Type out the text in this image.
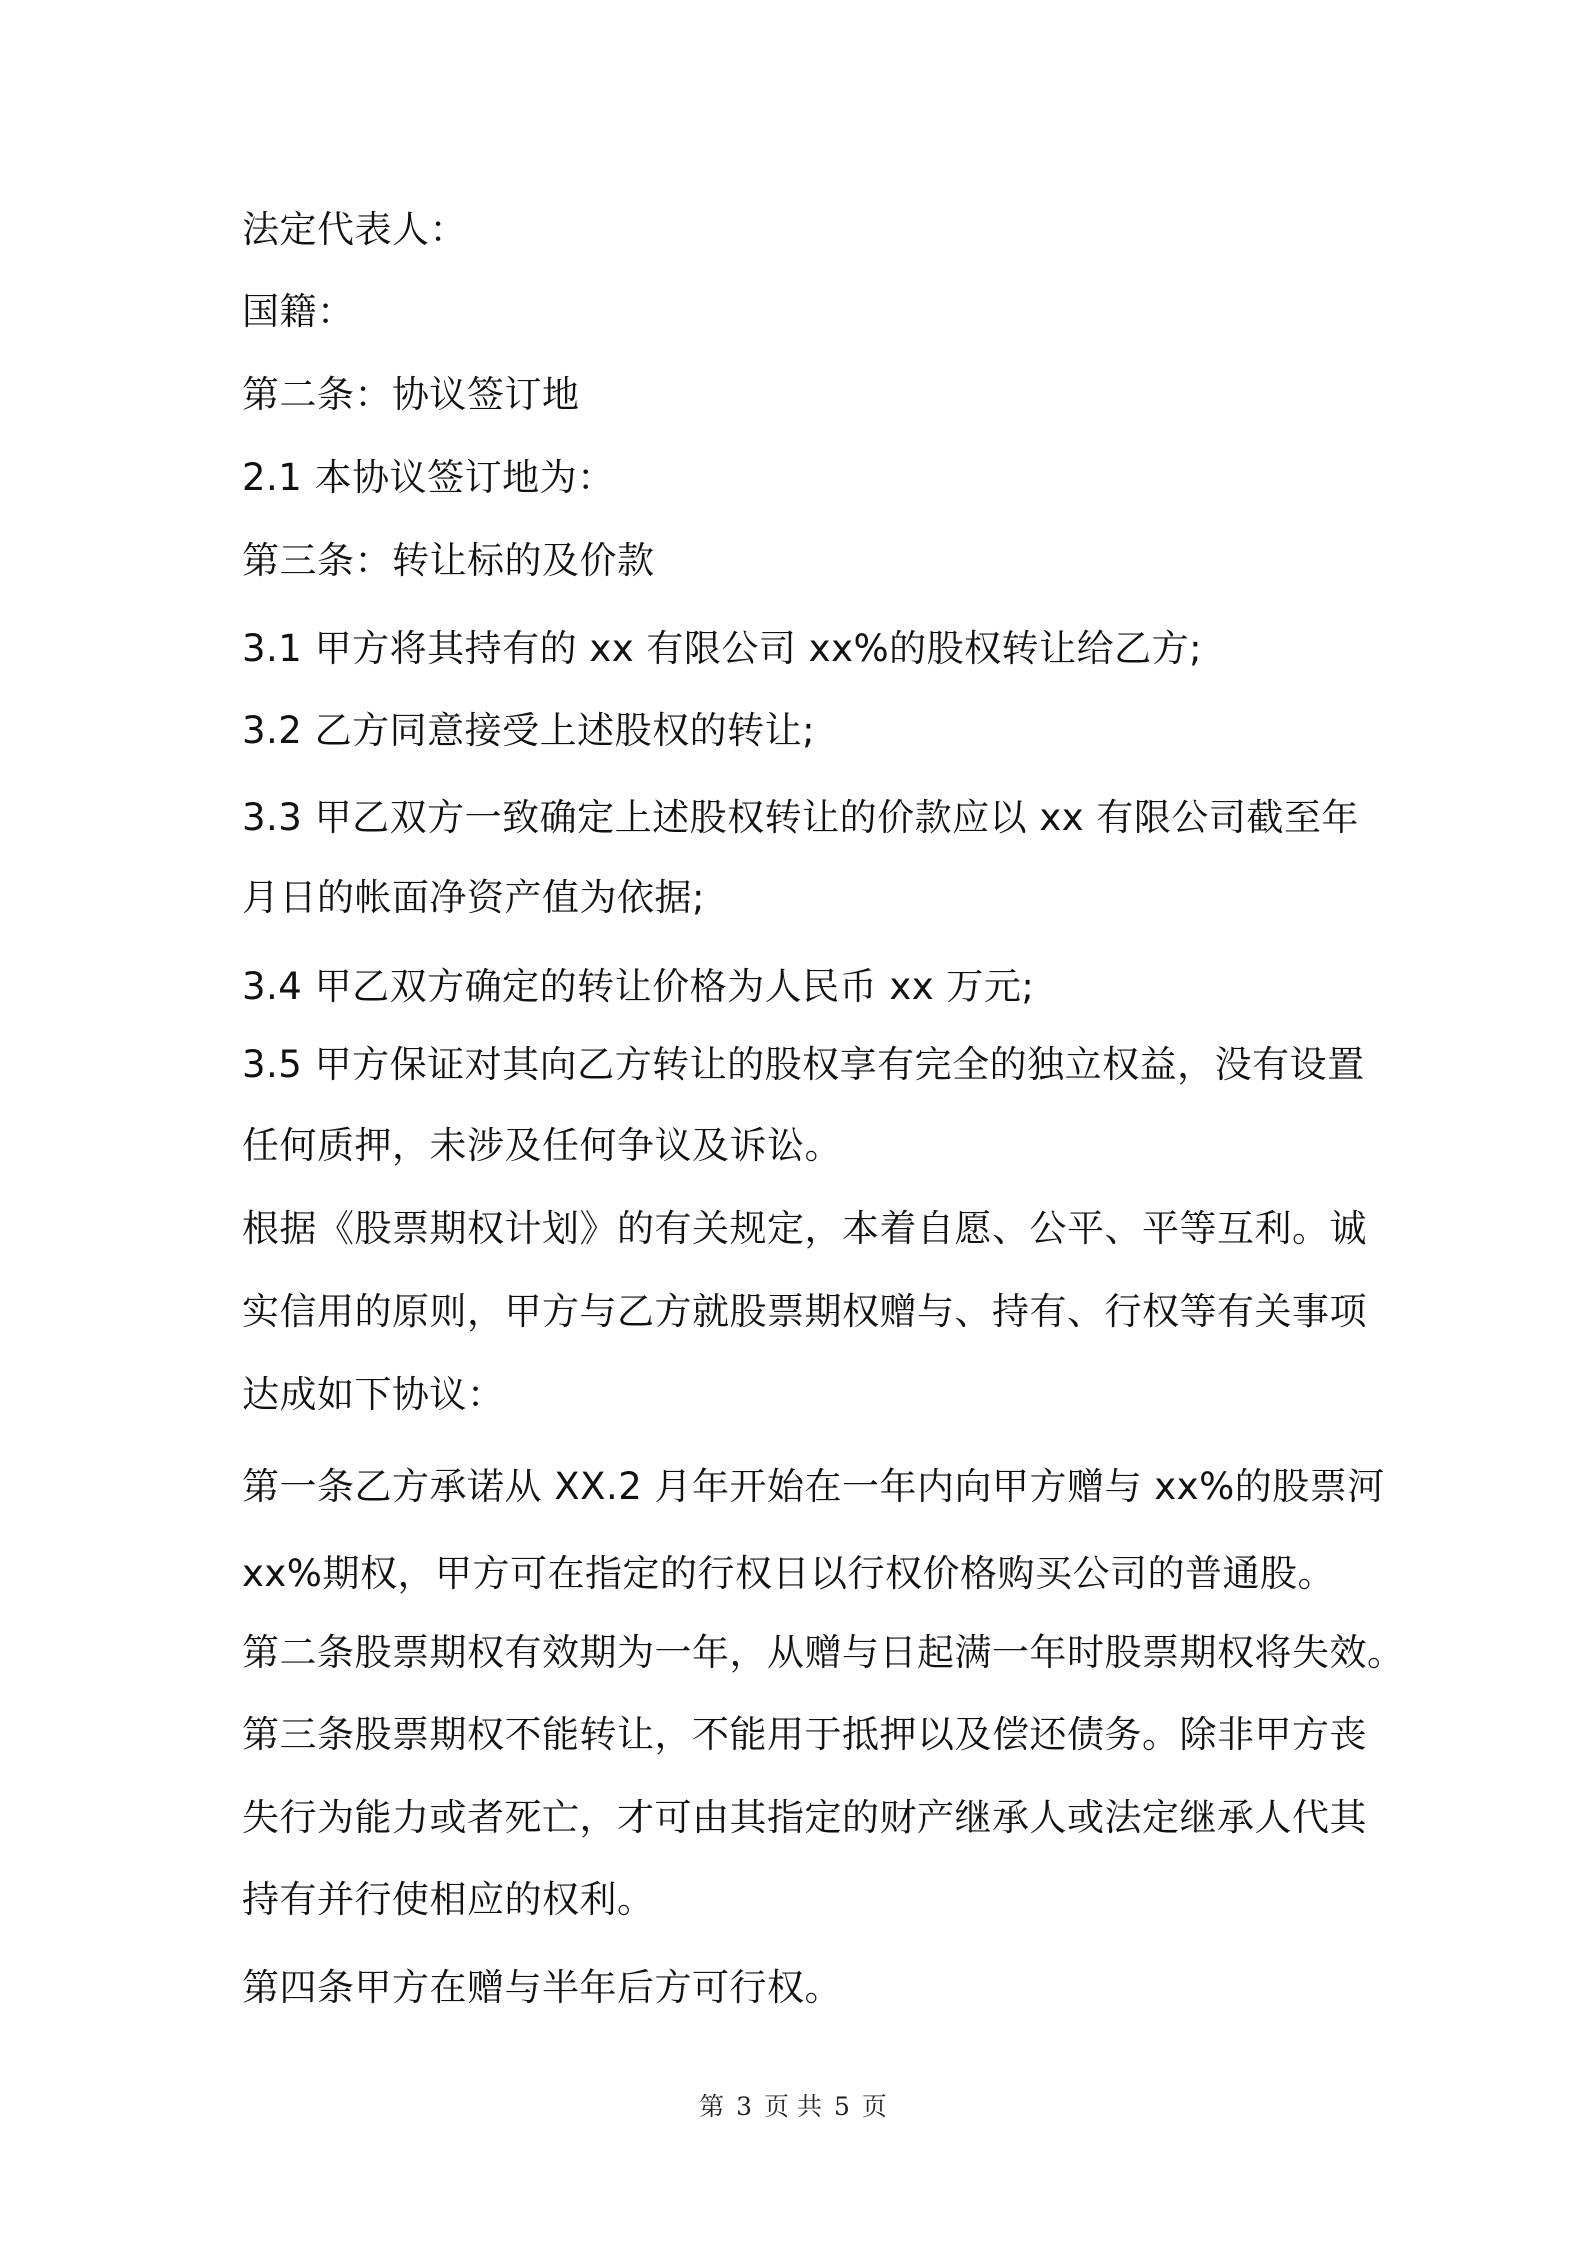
法定代表人：
国籍：
第二条：协议签订地
2.1 本协议签订地为：
第三条：转让标的及价款
3.1 甲方将其持有的 xx 有限公司 xx%的股权转让给乙方;
3.2 乙方同意接受上述股权的转让;
3.3 甲乙双方一致确定上述股权转让的价款应以 xx 有限公司截至年
月日的帐面净资产值为依据;
3.4 甲乙双方确定的转让价格为人民币 xx 万元;
3.5 甲方保证对其向乙方转让的股权享有完全的独立权益，没有设置
任何质押，未涉及任何争议及诉讼。
根据《股票期权计划》的有关规定，本着自愿、公平、平等互利。诚
实信用的原则，甲方与乙方就股票期权赠与、持有、行权等有关事项
达成如下协议：
第一条乙方承诺从 XX.2 月年开始在一年内向甲方赠与 xx%的股票河
xx%期权，甲方可在指定的行权日以行权价格购买公司的普通股。
第二条股票期权有效期为一年，从赠与日起满一年时股票期权将失效。
第三条股票期权不能转让，不能用于抵押以及偿还债务。除非甲方丧
失行为能力或者死亡，才可由其指定的财产继承人或法定继承人代其
持有并行使相应的权利。
第四条甲方在赠与半年后方可行权。
第 3 页 共 5 页
